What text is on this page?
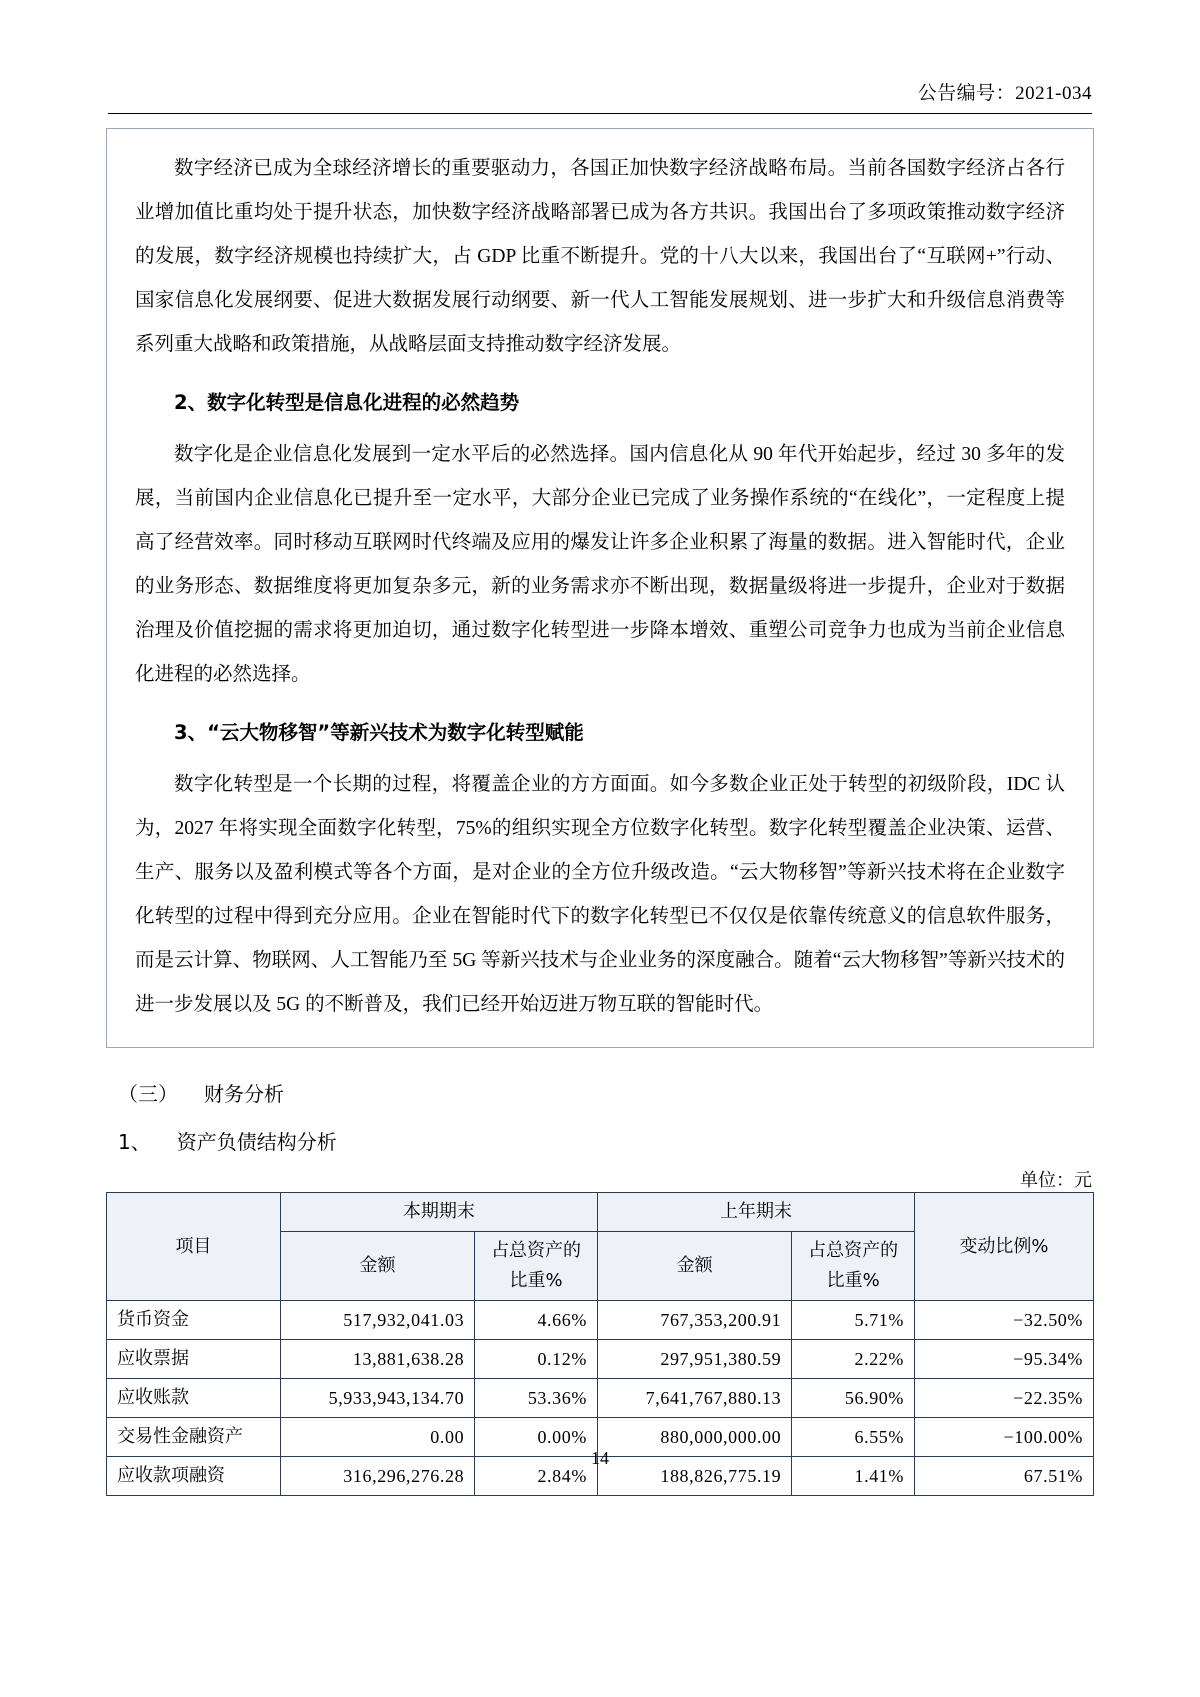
公告编号：2021-034

数字经济已成为全球经济增长的重要驱动力，各国正加快数字经济战略布局。当前各国数字经济占各行业增加值比重均处于提升状态，加快数字经济战略部署已成为各方共识。我国出台了多项政策推动数字经济的发展，数字经济规模也持续扩大，占 GDP 比重不断提升。党的十八大以来，我国出台了“互联网+”行动、国家信息化发展纲要、促进大数据发展行动纲要、新一代人工智能发展规划、进一步扩大和升级信息消费等系列重大战略和政策措施，从战略层面支持推动数字经济发展。

2、数字化转型是信息化进程的必然趋势

数字化是企业信息化发展到一定水平后的必然选择。国内信息化从 90 年代开始起步，经过 30 多年的发展，当前国内企业信息化已提升至一定水平，大部分企业已完成了业务操作系统的“在线化”，一定程度上提高了经营效率。同时移动互联网时代终端及应用的爆发让许多企业积累了海量的数据。进入智能时代，企业的业务形态、数据维度将更加复杂多元，新的业务需求亦不断出现，数据量级将进一步提升，企业对于数据治理及价值挖掘的需求将更加迫切，通过数字化转型进一步降本增效、重塑公司竞争力也成为当前企业信息化进程的必然选择。

3、“云大物移智”等新兴技术为数字化转型赋能

数字化转型是一个长期的过程，将覆盖企业的方方面面。如今多数企业正处于转型的初级阶段，IDC 认为，2027 年将实现全面数字化转型，75%的组织实现全方位数字化转型。数字化转型覆盖企业决策、运营、生产、服务以及盈利模式等各个方面，是对企业的全方位升级改造。“云大物移智”等新兴技术将在企业数字化转型的过程中得到充分应用。企业在智能时代下的数字化转型已不仅仅是依靠传统意义的信息软件服务，而是云计算、物联网、人工智能乃至 5G 等新兴技术与企业业务的深度融合。随着“云大物移智”等新兴技术的进一步发展以及 5G 的不断普及，我们已经开始迈进万物互联的智能时代。

（三） 财务分析
1、 资产负债结构分析
单位：元
项目	本期期末		上年期末		变动比例%
	金额	占总资产的比重%	金额	占总资产的比重%	
货币资金	517,932,041.03	4.66%	767,353,200.91	5.71%	−32.50%
应收票据	13,881,638.28	0.12%	297,951,380.59	2.22%	−95.34%
应收账款	5,933,943,134.70	53.36%	7,641,767,880.13	56.90%	−22.35%
交易性金融资产	0.00	0.00%	880,000,000.00	6.55%	−100.00%
应收款项融资	316,296,276.28	2.84%	188,826,775.19	1.41%	67.51%
14
